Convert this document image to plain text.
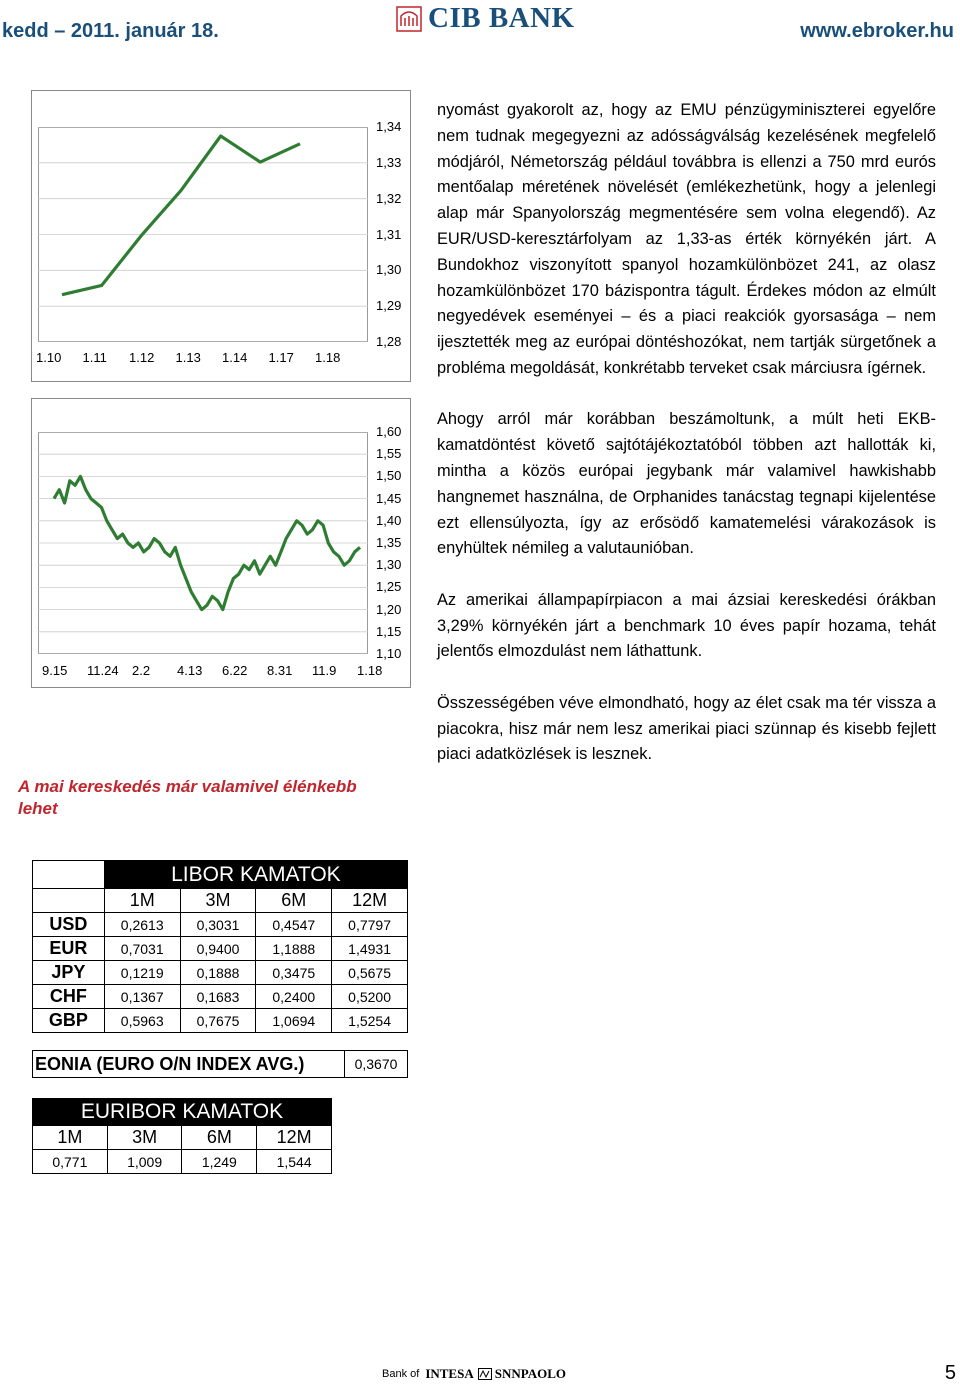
kedd – 2011. január 18.	CIB BANK	www.ebroker.hu
1,34
1,33
1,32
1,31
1,30
1,29
1,28
1.10 1.11 1.12 1.13 1.14 1.17 1.18
1,60
1,55
1,50
1,45
1,40
1,35
1,30
1,25
1,20
1,15
1,10
9.15 11.24 2.2 4.13 6.22 8.31 11.9 1.18
A mai kereskedés már valamivel élénkebb lehet

nyomást gyakorolt az, hogy az EMU pénzügyminiszterei egyelőre nem tudnak megegyezni az adósságválság kezelésének megfelelő módjáról, Németország például továbbra is ellenzi a 750 mrd eurós mentőalap méretének növelését (emlékezhetünk, hogy a jelenlegi alap már Spanyolország megmentésére sem volna elegendő). Az EUR/USD-keresztárfolyam az 1,33-as érték környékén járt. A Bundokhoz viszonyított spanyol hozamkülönbözet 241, az olasz hozamkülönbözet 170 bázispontra tágult. Érdekes módon az elmúlt negyedévek eseményei – és a piaci reakciók gyorsasága – nem ijesztették meg az európai döntéshozókat, nem tartják sürgetőnek a probléma megoldását, konkrétabb terveket csak márciusra ígérnek.

Ahogy arról már korábban beszámoltunk, a múlt heti EKB-kamatdöntést követő sajtótájékoztatóból többen azt hallották ki, mintha a közös európai jegybank már valamivel hawkishabb hangnemet használna, de Orphanides tanácstag tegnapi kijelentése ezt ellensúlyozta, így az erősödő kamatemelési várakozások is enyhültek némileg a valutaunióban.

Az amerikai állampapírpiacon a mai ázsiai kereskedési órákban 3,29% környékén járt a benchmark 10 éves papír hozama, tehát jelentős elmozdulást nem láthattunk.

Összességében véve elmondható, hogy az élet csak ma tér vissza a piacokra, hisz már nem lesz amerikai piaci szünnap és kisebb fejlett piaci adatközlések is lesznek.

	LIBOR KAMATOK			
	1M	3M	6M	12M
USD	0,2613	0,3031	0,4547	0,7797
EUR	0,7031	0,9400	1,1888	1,4931
JPY	0,1219	0,1888	0,3475	0,5675
CHF	0,1367	0,1683	0,2400	0,5200
GBP	0,5963	0,7675	1,0694	1,5254
EONIA (EURO O/N INDEX AVG.)	0,3670
EURIBOR KAMATOK			
1M	3M	6M	12M
0,771	1,009	1,249	1,544
Bank of INTESA SNNPAOLO	5
